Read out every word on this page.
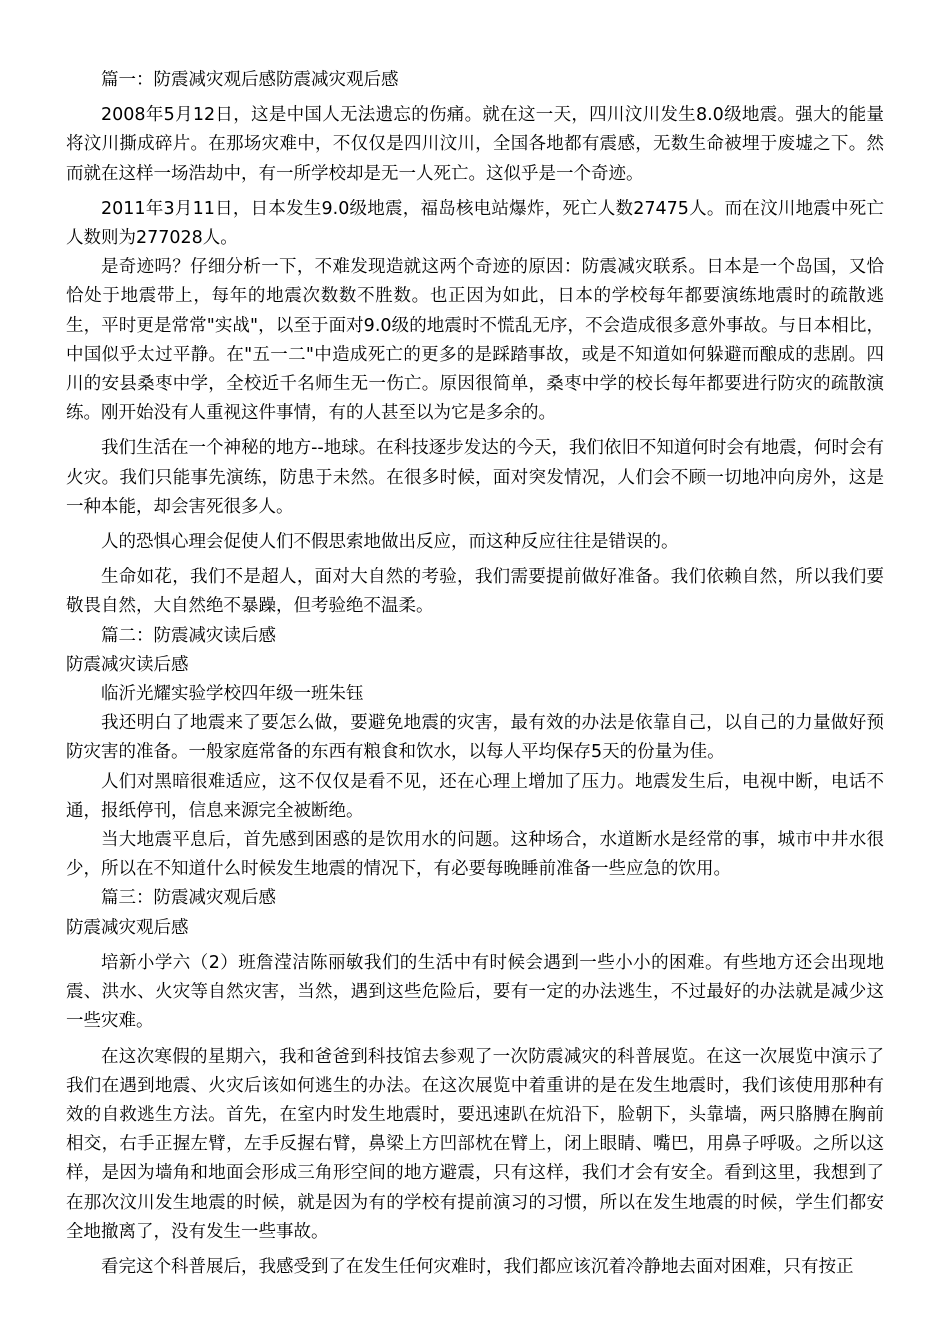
篇一：防震减灾观后感防震减灾观后感

2008年5月12日，这是中国人无法遗忘的伤痛。就在这一天，四川汶川发生8.0级地震。强大的能量将汶川撕成碎片。在那场灾难中，不仅仅是四川汶川，全国各地都有震感，无数生命被埋于废墟之下。然而就在这样一场浩劫中，有一所学校却是无一人死亡。这似乎是一个奇迹。

2011年3月11日，日本发生9.0级地震，福岛核电站爆炸，死亡人数27475人。而在汶川地震中死亡人数则为277028人。

是奇迹吗？仔细分析一下，不难发现造就这两个奇迹的原因：防震减灾联系。日本是一个岛国，又恰恰处于地震带上，每年的地震次数数不胜数。也正因为如此，日本的学校每年都要演练地震时的疏散逃生，平时更是常常"实战"，以至于面对9.0级的地震时不慌乱无序，不会造成很多意外事故。与日本相比，中国似乎太过平静。在"五一二"中造成死亡的更多的是踩踏事故，或是不知道如何躲避而酿成的悲剧。四川的安县桑枣中学，全校近千名师生无一伤亡。原因很简单，桑枣中学的校长每年都要进行防灾的疏散演练。刚开始没有人重视这件事情，有的人甚至以为它是多余的。

我们生活在一个神秘的地方--地球。在科技逐步发达的今天，我们依旧不知道何时会有地震，何时会有火灾。我们只能事先演练，防患于未然。在很多时候，面对突发情况，人们会不顾一切地冲向房外，这是一种本能，却会害死很多人。

人的恐惧心理会促使人们不假思索地做出反应，而这种反应往往是错误的。

生命如花，我们不是超人，面对大自然的考验，我们需要提前做好准备。我们依赖自然，所以我们要敬畏自然，大自然绝不暴躁，但考验绝不温柔。

篇二：防震减灾读后感

防震减灾读后感

临沂光耀实验学校四年级一班朱钰

我还明白了地震来了要怎么做，要避免地震的灾害，最有效的办法是依靠自己，以自己的力量做好预防灾害的准备。一般家庭常备的东西有粮食和饮水，以每人平均保存5天的份量为佳。

人们对黑暗很难适应，这不仅仅是看不见，还在心理上增加了压力。地震发生后，电视中断，电话不通，报纸停刊，信息来源完全被断绝。

当大地震平息后，首先感到困惑的是饮用水的问题。这种场合，水道断水是经常的事，城市中井水很少，所以在不知道什么时候发生地震的情况下，有必要每晚睡前准备一些应急的饮用。

篇三：防震减灾观后感

防震减灾观后感

培新小学六（2）班詹滢洁陈丽敏我们的生活中有时候会遇到一些小小的困难。有些地方还会出现地震、洪水、火灾等自然灾害，当然，遇到这些危险后，要有一定的办法逃生，不过最好的办法就是减少这一些灾难。

在这次寒假的星期六，我和爸爸到科技馆去参观了一次防震减灾的科普展览。在这一次展览中演示了我们在遇到地震、火灾后该如何逃生的办法。在这次展览中着重讲的是在发生地震时，我们该使用那种有效的自救逃生方法。首先，在室内时发生地震时，要迅速趴在炕沿下，脸朝下，头靠墙，两只胳膊在胸前相交，右手正握左臂，左手反握右臂，鼻梁上方凹部枕在臂上，闭上眼睛、嘴巴，用鼻子呼吸。之所以这样，是因为墙角和地面会形成三角形空间的地方避震，只有这样，我们才会有安全。看到这里，我想到了在那次汶川发生地震的时候，就是因为有的学校有提前演习的习惯，所以在发生地震的时候，学生们都安全地撤离了，没有发生一些事故。

看完这个科普展后，我感受到了在发生任何灾难时，我们都应该沉着冷静地去面对困难，只有按正
